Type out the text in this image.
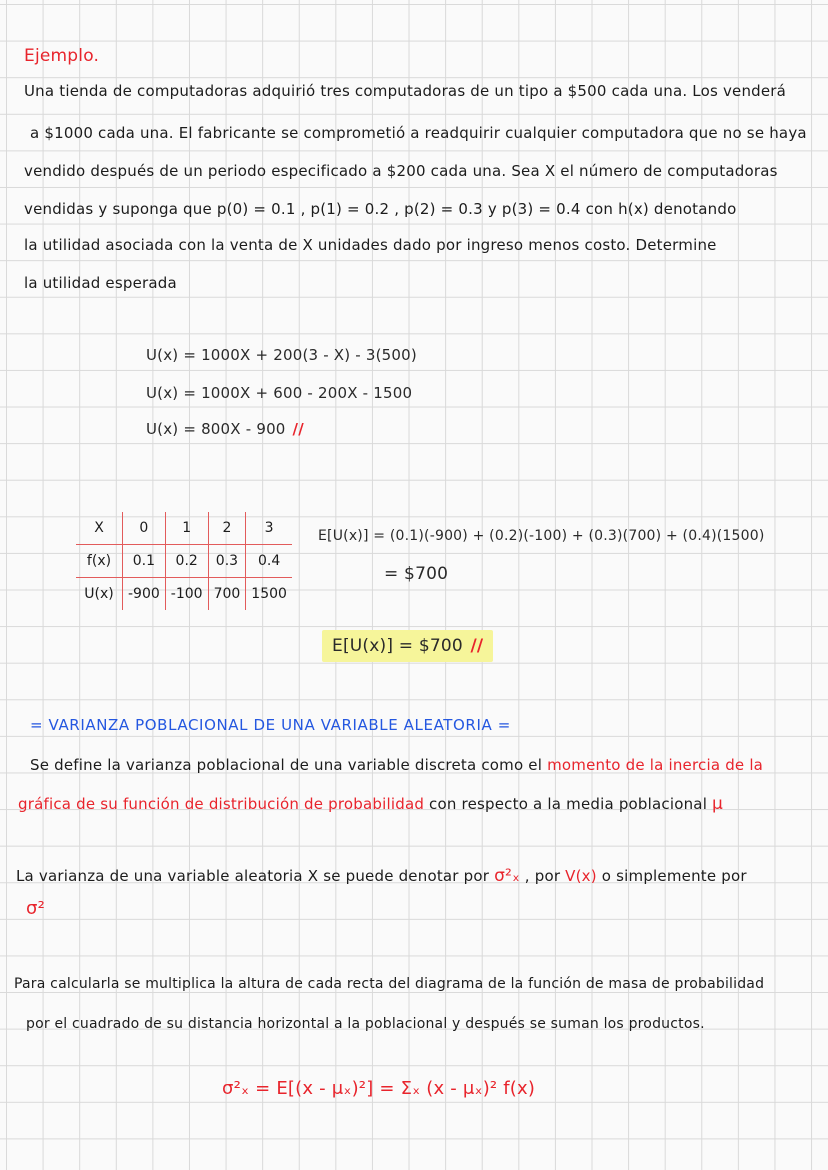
Ejemplo.
Una tienda de computadoras adquirió tres computadoras de un tipo a $500 cada una. Los venderá
a $1000 cada una. El fabricante se comprometió a readquirir cualquier computadora que no se haya
vendido después de un periodo especificado a $200 cada una. Sea X el número de computadoras
vendidas y suponga que p(0) = 0.1 , p(1) = 0.2 , p(2) = 0.3 y p(3) = 0.4 con h(x) denotando
la utilidad asociada con la venta de X unidades dado por ingreso menos costo. Determine
la utilidad esperada
U(x) = 1000X + 200(3 - X) - 3(500)
U(x) = 1000X + 600 - 200X - 1500
U(x) = 800X - 900 //
X	0	1	2	3
f(x)	0.1	0.2	0.3	0.4
U(x)	-900	-100	700	1500
E[U(x)] = (0.1)(-900) + (0.2)(-100) + (0.3)(700) + (0.4)(1500)
= $700
E[U(x)] = $700 //
= VARIANZA POBLACIONAL DE UNA VARIABLE ALEATORIA =
Se define la varianza poblacional de una variable discreta como el momento de la inercia de la
gráfica de su función de distribución de probabilidad con respecto a la media poblacional μ
La varianza de una variable aleatoria X se puede denotar por σ²ₓ , por V(x) o simplemente por
σ²
Para calcularla se multiplica la altura de cada recta del diagrama de la función de masa de probabilidad
por el cuadrado de su distancia horizontal a la poblacional y después se suman los productos.
σ²ₓ = E[(x - μₓ)²] = Σₓ (x - μₓ)² f(x)
